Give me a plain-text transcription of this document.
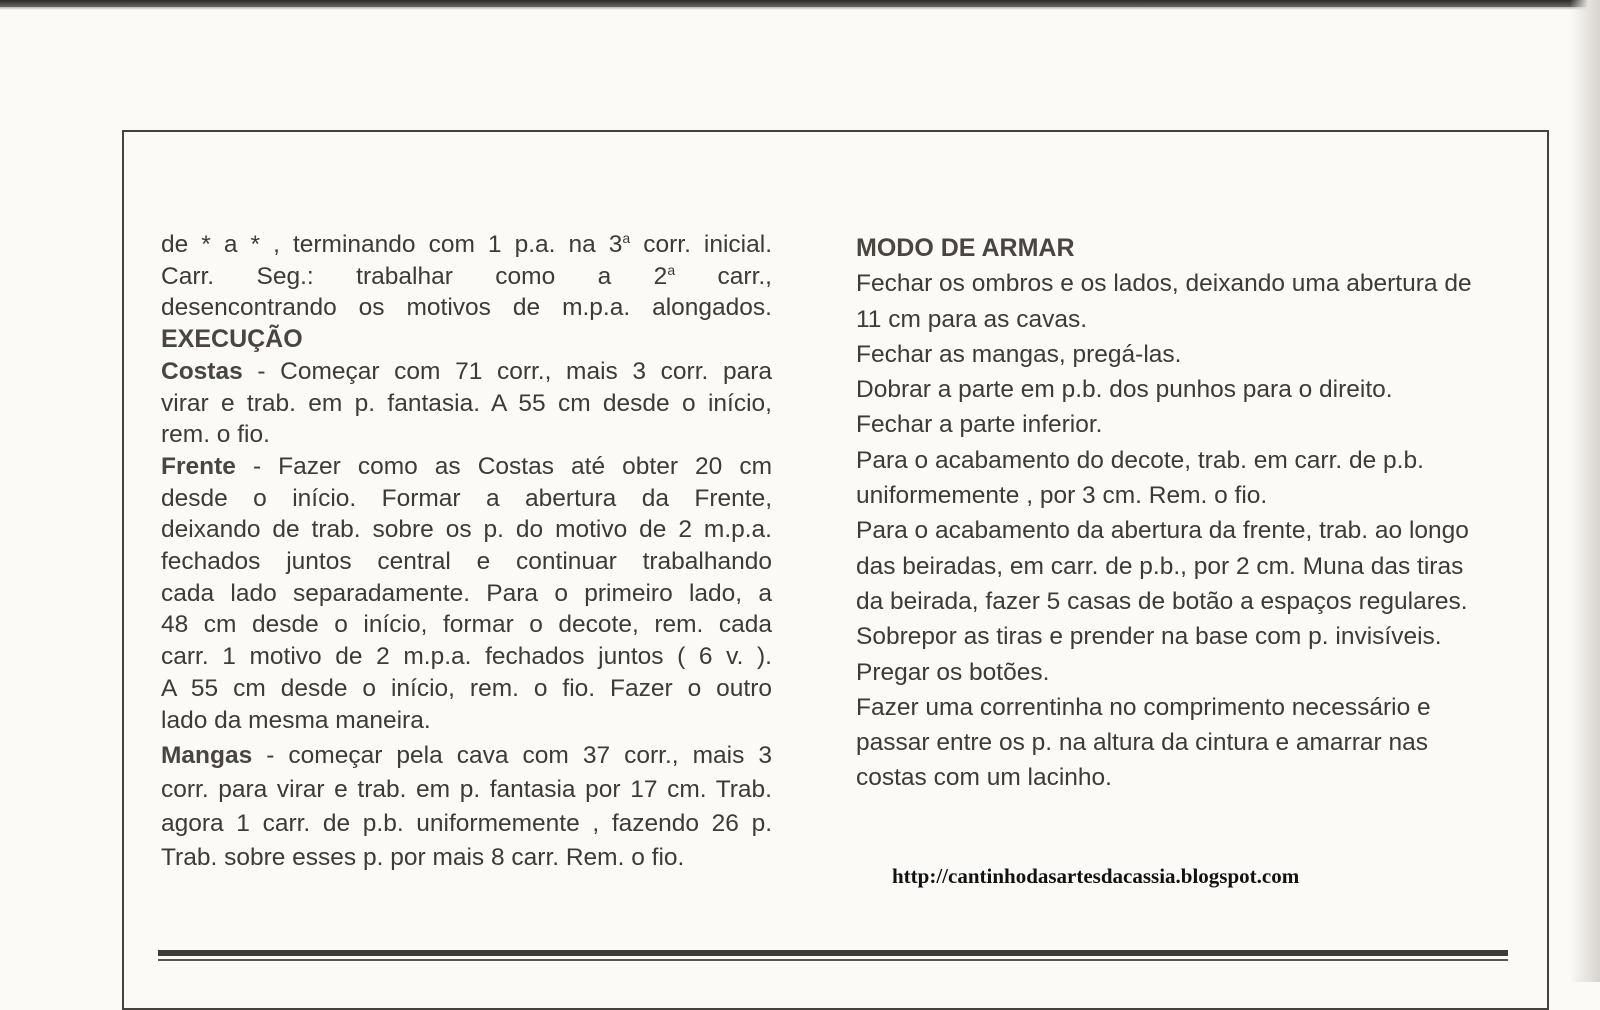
de * a * , terminando com 1 p.a. na 3$^a$ corr. inicial.

Carr. Seg.: trabalhar como a 2$^a$ carr.,

desencontrando os motivos de m.p.a. alongados.

EXECUÇÃO

Costas - Começar com 71 corr., mais 3 corr. para

virar e trab. em p. fantasia. A 55 cm desde o início,

rem. o fio.

Frente - Fazer como as Costas até obter 20 cm

desde o início. Formar a abertura da Frente,

deixando de trab. sobre os p. do motivo de 2 m.p.a.

fechados juntos central e continuar trabalhando

cada lado separadamente. Para o primeiro lado, a

48 cm desde o início, formar o decote, rem. cada

carr. 1 motivo de 2 m.p.a. fechados juntos ( 6 v. ).

A 55 cm desde o início, rem. o fio. Fazer o outro

lado da mesma maneira.

Mangas - começar pela cava com 37 corr., mais 3

corr. para virar e trab. em p. fantasia por 17 cm. Trab.

agora 1 carr. de p.b. uniformemente , fazendo 26 p.

Trab. sobre esses p. por mais 8 carr. Rem. o fio.

MODO DE ARMAR

Fechar os ombros e os lados, deixando uma abertura de

11 cm para as cavas.

Fechar as mangas, pregá-las.

Dobrar a parte em p.b. dos punhos para o direito.

Fechar a parte inferior.

Para o acabamento do decote, trab. em carr. de p.b.

uniformemente , por 3 cm. Rem. o fio.

Para o acabamento da abertura da frente, trab. ao longo

das beiradas, em carr. de p.b., por 2 cm. Muna das tiras

da beirada, fazer 5 casas de botão a espaços regulares.

Sobrepor as tiras e prender na base com p. invisíveis.

Pregar os botões.

Fazer uma correntinha no comprimento necessário e

passar entre os p. na altura da cintura e amarrar nas

costas com um lacinho.

http://cantinhodasartesdacassia.blogspot.com
